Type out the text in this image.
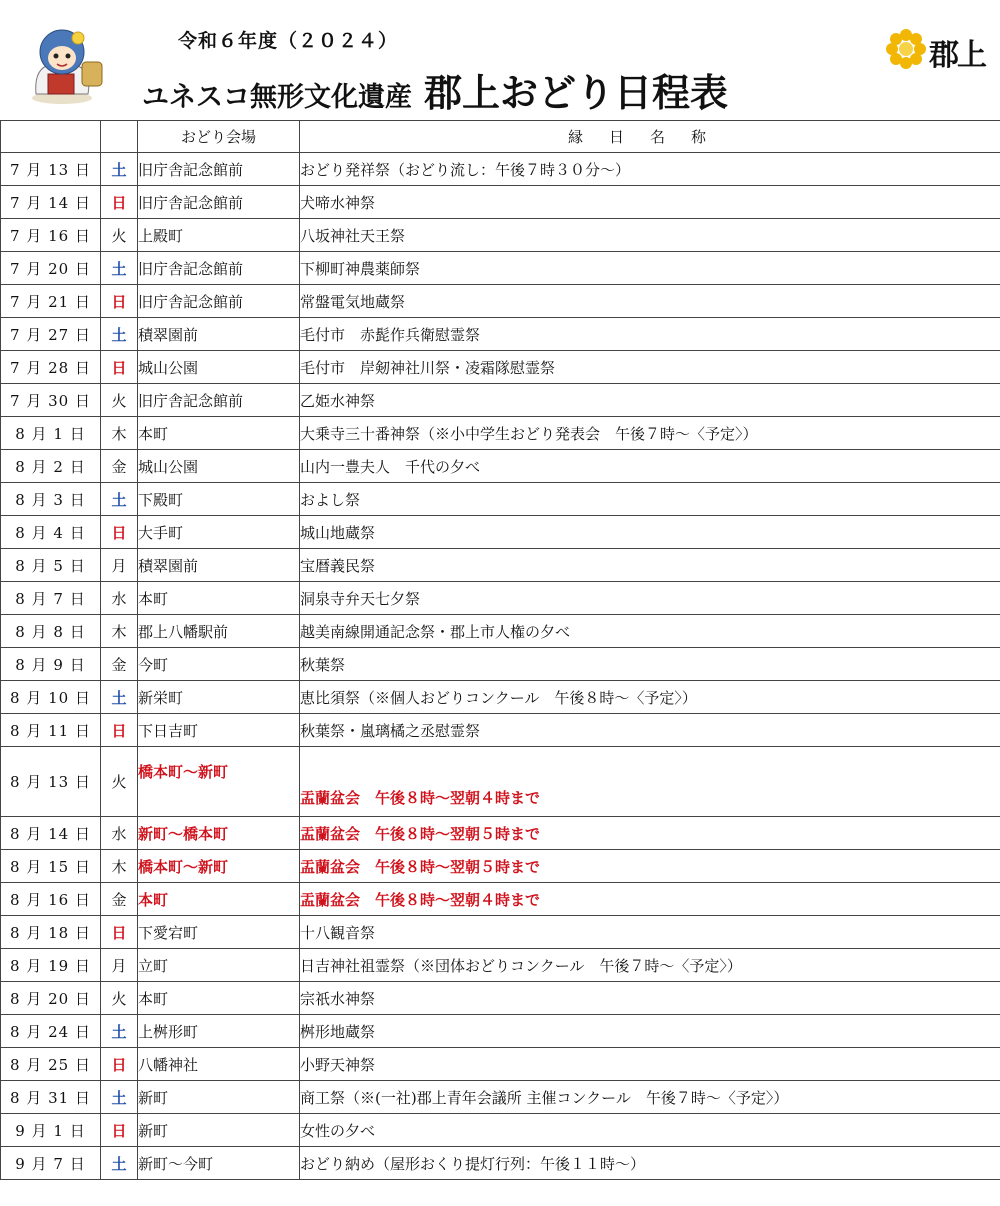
令和６年度（２０２４）
ユネスコ無形文化遺産 郡上おどり日程表
郡上
		おどり会場	縁日名称
7 月 13 日	土	旧庁舎記念館前	おどり発祥祭（おどり流し：午後７時３０分～）
7 月 14 日	日	旧庁舎記念館前	犬啼水神祭
7 月 16 日	火	上殿町	八坂神社天王祭
7 月 20 日	土	旧庁舎記念館前	下柳町神農薬師祭
7 月 21 日	日	旧庁舎記念館前	常盤電気地蔵祭
7 月 27 日	土	積翠園前	毛付市　赤髭作兵衛慰霊祭
7 月 28 日	日	城山公園	毛付市　岸剱神社川祭・凌霜隊慰霊祭
7 月 30 日	火	旧庁舎記念館前	乙姫水神祭
8 月 1 日	木	本町	大乗寺三十番神祭（※小中学生おどり発表会　午後７時～〈予定〉）
8 月 2 日	金	城山公園	山内一豊夫人　千代の夕べ
8 月 3 日	土	下殿町	およし祭
8 月 4 日	日	大手町	城山地蔵祭
8 月 5 日	月	積翠園前	宝暦義民祭
8 月 7 日	水	本町	洞泉寺弁天七夕祭
8 月 8 日	木	郡上八幡駅前	越美南線開通記念祭・郡上市人権の夕べ
8 月 9 日	金	今町	秋葉祭
8 月 10 日	土	新栄町	恵比須祭（※個人おどりコンクール　午後８時～〈予定〉）
8 月 11 日	日	下日吉町	秋葉祭・嵐璃橘之丞慰霊祭
8 月 13 日	火	橋本町～新町	盂蘭盆会　午後８時～翌朝４時まで
8 月 14 日	水	新町～橋本町	盂蘭盆会　午後８時～翌朝５時まで
8 月 15 日	木	橋本町～新町	盂蘭盆会　午後８時～翌朝５時まで
8 月 16 日	金	本町	盂蘭盆会　午後８時～翌朝４時まで
8 月 18 日	日	下愛宕町	十八観音祭
8 月 19 日	月	立町	日吉神社祖霊祭（※団体おどりコンクール　午後７時～〈予定〉）
8 月 20 日	火	本町	宗祇水神祭
8 月 24 日	土	上桝形町	桝形地蔵祭
8 月 25 日	日	八幡神社	小野天神祭
8 月 31 日	土	新町	商工祭（※(一社)郡上青年会議所 主催コンクール　午後７時～〈予定〉）
9 月 1 日	日	新町	女性の夕べ
9 月 7 日	土	新町～今町	おどり納め（屋形おくり提灯行列：午後１１時～）
